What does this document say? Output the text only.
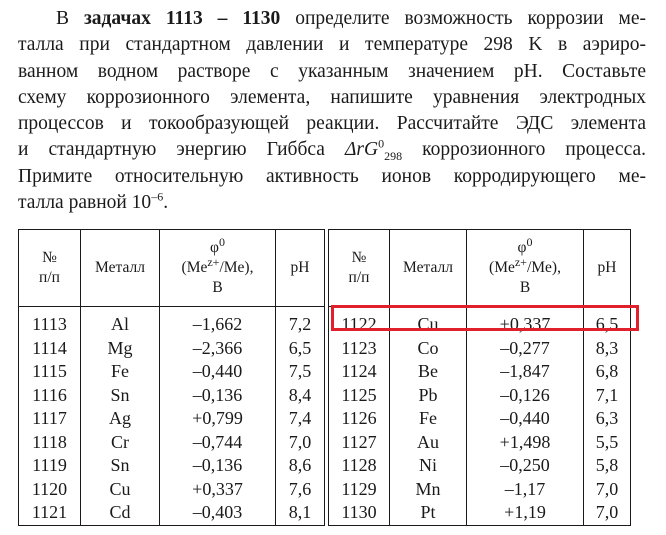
В задачах 1113 – 1130 определите возможность коррозии ме-
талла при стандартном давлении и температуре 298 K в аэриро-
ванном водном растворе с указанным значением pH. Составьте
схему коррозионного элемента, напишите уравнения электродных
процессов и токообразующей реакции. Рассчитайте ЭДС элемента
и стандартную энергию Гиббса ΔrG$^0_{298}$ коррозионного процесса.
Примите относительную активность ионов корродирующего ме-
талла равной $10^{-6}$.
№
п/п	Металл	$\varphi^0$
$(Me^{z+}/Me)$,
В	pH		№
п/п	Металл	$\varphi^0$
$(Me^{z+}/Me)$,
В	pH
1113	Al	–1,662	7,2		1122	Cu	+0,337	6,5
1114	Mg	–2,366	6,5		1123	Co	–0,277	8,3
1115	Fe	–0,440	7,5		1124	Be	–1,847	6,8
1116	Sn	–0,136	8,4		1125	Pb	–0,126	7,1
1117	Ag	+0,799	7,4		1126	Fe	–0,440	6,3
1118	Cr	–0,744	7,0		1127	Au	+1,498	5,5
1119	Sn	–0,136	8,6		1128	Ni	–0,250	5,8
1120	Cu	+0,337	7,6		1129	Mn	–1,17	7,0
1121	Cd	–0,403	8,1		1130	Pt	+1,19	7,0
